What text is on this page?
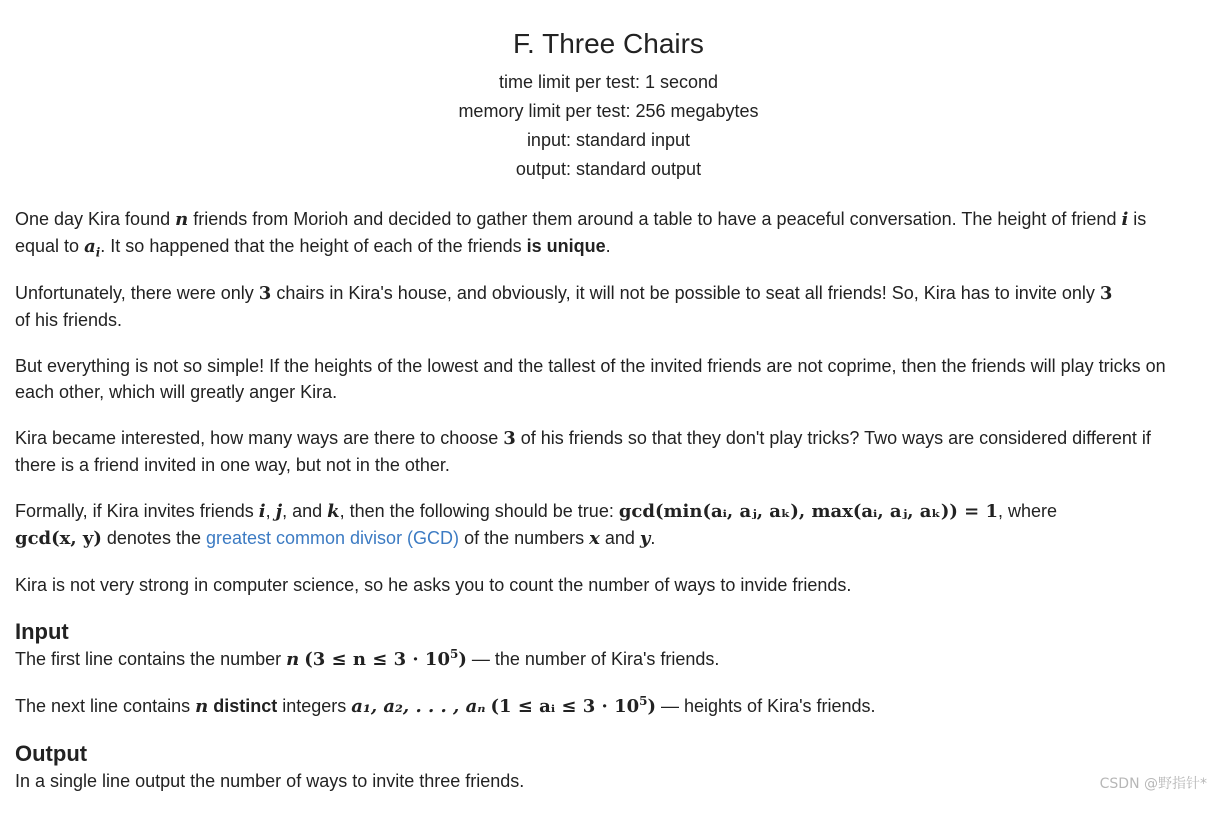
F. Three Chairs
time limit per test: 1 second
memory limit per test: 256 megabytes
input: standard input
output: standard output

One day Kira found n friends from Morioh and decided to gather them around a table to have a peaceful conversation. The height of friend i is equal to $a_i$. It so happened that the height of each of the friends is unique.

Unfortunately, there were only 3 chairs in Kira's house, and obviously, it will not be possible to seat all friends! So, Kira has to invite only 3
of his friends.

But everything is not so simple! If the heights of the lowest and the tallest of the invited friends are not coprime, then the friends will play tricks on each other, which will greatly anger Kira.

Kira became interested, how many ways are there to choose 3 of his friends so that they don't play tricks? Two ways are considered different if there is a friend invited in one way, but not in the other.

Formally, if Kira invites friends i, j, and k, then the following should be true: gcd(min(aᵢ, aⱼ, aₖ), max(aᵢ, aⱼ, aₖ)) = 1, where
gcd(x, y) denotes the greatest common divisor (GCD) of the numbers x and y.

Kira is not very strong in computer science, so he asks you to count the number of ways to invide friends.

Input

The first line contains the number n $(3 \le n \le 3 \cdot 10^5)$ — the number of Kira's friends.

The next line contains n distinct integers a₁, a₂, . . . , aₙ (1 ≤ aᵢ ≤ $3 \cdot 10^5$) — heights of Kira's friends.

Output

In a single line output the number of ways to invite three friends.	CSDN @野指针*
